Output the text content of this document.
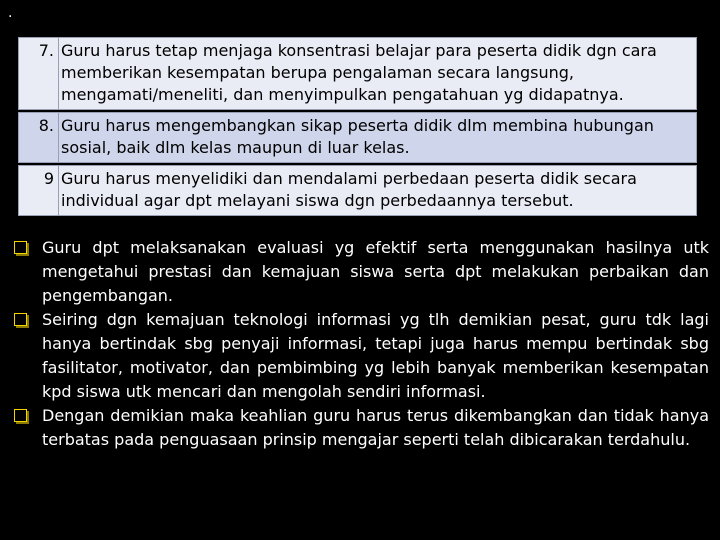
.
7. Guru harus tetap menjaga konsentrasi belajar para peserta didik dgn cara memberikan kesempatan berupa pengalaman secara langsung, mengamati/meneliti, dan menyimpulkan pengatahuan yg didapatnya.
8. Guru harus mengembangkan sikap peserta didik dlm membina hubungan sosial, baik dlm kelas maupun di luar kelas.
9 Guru harus menyelidiki dan mendalami perbedaan peserta didik secara individual agar dpt melayani siswa dgn perbedaannya tersebut.
Guru dpt melaksanakan evaluasi yg efektif serta menggunakan hasilnya utk mengetahui prestasi dan kemajuan siswa serta dpt melakukan perbaikan dan pengembangan.
Seiring dgn kemajuan teknologi informasi yg tlh demikian pesat, guru tdk lagi hanya bertindak sbg penyaji informasi, tetapi juga harus mempu bertindak sbg fasilitator, motivator, dan pembimbing yg lebih banyak memberikan kesempatan kpd siswa utk mencari dan mengolah sendiri informasi.
Dengan demikian maka keahlian guru harus terus dikembangkan dan tidak hanya terbatas pada penguasaan prinsip mengajar seperti telah dibicarakan terdahulu.
